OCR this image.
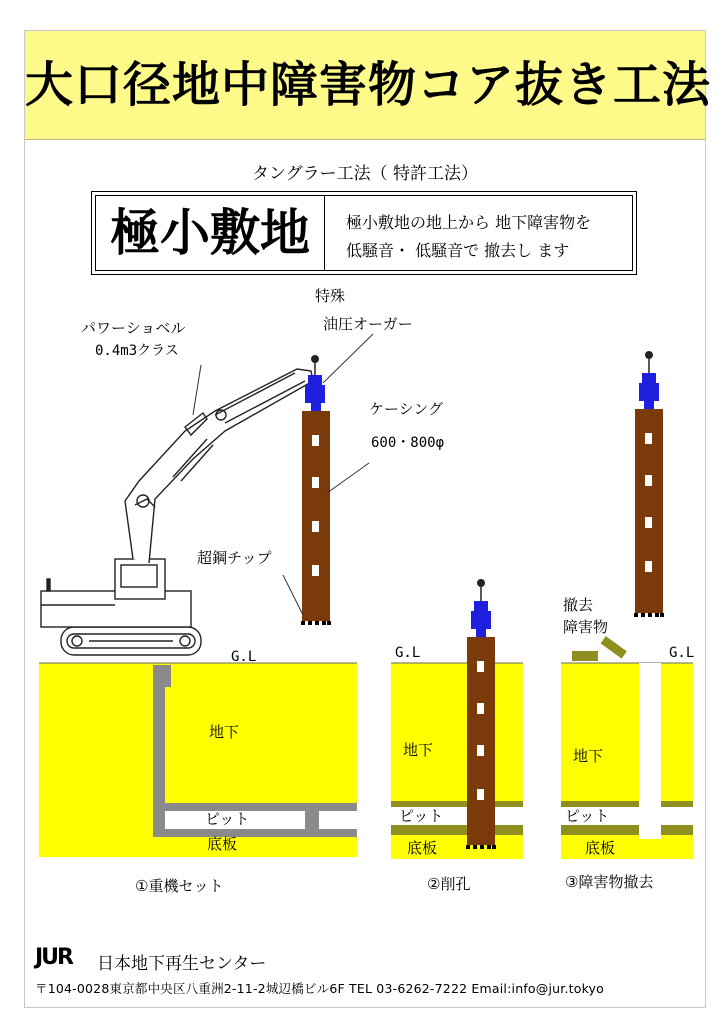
大口径地中障害物コア抜き工法
タングラー工法（ 特許工法）
極小敷地	極小敷地の地上から 地下障害物を
低騒音・ 低騒音で 撤去し ます
地下
ピット
底板
G.L
パワーショベル
0.4m3クラス
特殊
油圧オーガー
ケーシング
600・800φ
超鋼チップ
G.L
地下
ピット
底板
撤去
障害物
G.L
地下
ピット
底板
①重機セット	②削孔	③障害物撤去
JUR 日本地下再生センター
〒104-0028東京都中央区八重洲2-11-2城辺橋ビル6F TEL 03-6262-7222 Email:info@jur.tokyo
